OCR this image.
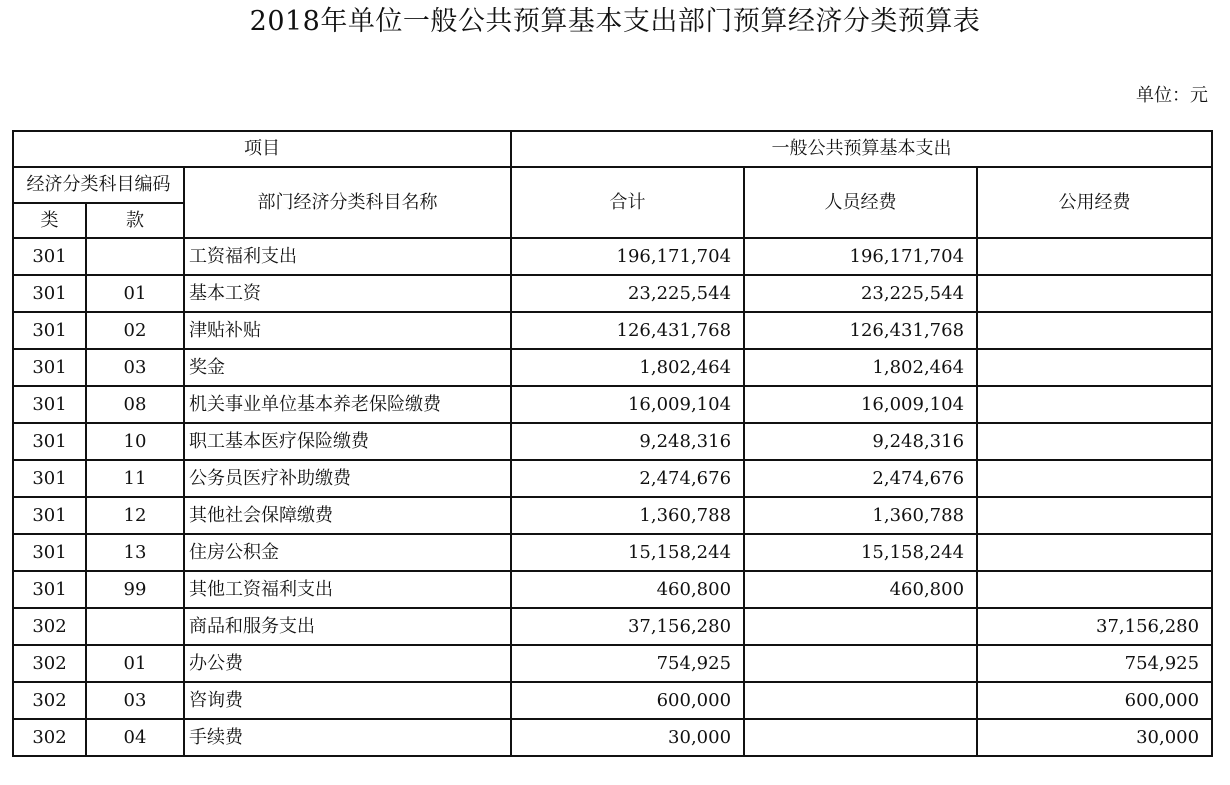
2018年单位一般公共预算基本支出部门预算经济分类预算表
单位：元
项目			一般公共预算基本支出		
经济分类科目编码		部门经济分类科目名称	合计	人员经费	公用经费
类	款				
301		工资福利支出	196,171,704	196,171,704	
301	01	基本工资	23,225,544	23,225,544	
301	02	津贴补贴	126,431,768	126,431,768	
301	03	奖金	1,802,464	1,802,464	
301	08	机关事业单位基本养老保险缴费	16,009,104	16,009,104	
301	10	职工基本医疗保险缴费	9,248,316	9,248,316	
301	11	公务员医疗补助缴费	2,474,676	2,474,676	
301	12	其他社会保障缴费	1,360,788	1,360,788	
301	13	住房公积金	15,158,244	15,158,244	
301	99	其他工资福利支出	460,800	460,800	
302		商品和服务支出	37,156,280		37,156,280
302	01	办公费	754,925		754,925
302	03	咨询费	600,000		600,000
302	04	手续费	30,000		30,000
